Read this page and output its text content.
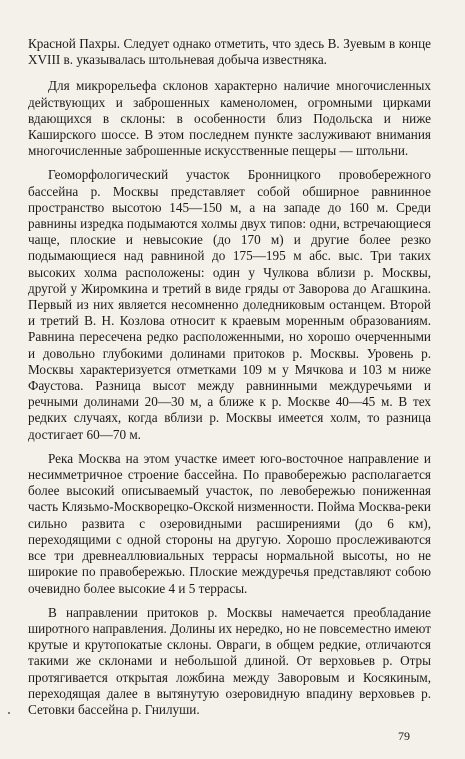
Красной Пахры. Следует однако отметить, что здесь В. Зуевым в конце XVIII в. указывалась штольневая добыча известняка.

Для микрорельефа склонов характерно наличие многочисленных действующих и заброшенных каменоломен, огромными цирками вдающихся в склоны: в особенности близ Подольска и ниже Каширского шоссе. В этом последнем пункте заслуживают внимания многочисленные заброшенные искусственные пещеры — штольни.

Геоморфологический участок Бронницкого провобережного бассейна р. Москвы представляет собой обширное равнинное пространство высотою 145—150 м, а на западе до 160 м. Среди равнины изредка подымаются холмы двух типов: одни, встречающиеся чаще, плоские и невысокие (до 170 м) и другие более резко подымающиеся над равниной до 175—195 м абс. выс. Три таких высоких холма расположены: один у Чулкова вблизи р. Москвы, другой у Жиромкина и третий в виде гряды от Заворова до Агашкина. Первый из них является несомненно доледниковым останцем. Второй и третий В. Н. Козлова относит к краевым моренным образованиям. Равнина пересечена редко расположенными, но хорошо очерченными и довольно глубокими долинами притоков р. Москвы. Уровень р. Москвы характеризуется отметками 109 м у Мячкова и 103 м ниже Фаустова. Разница высот между равнинными междуречьями и речными долинами 20—30 м, а ближе к р. Москве 40—45 м. В тех редких случаях, когда вблизи р. Москвы имеется холм, то разница достигает 60—70 м.

Река Москва на этом участке имеет юго-восточное направление и несимметричное строение бассейна. По правобережью располагается более высокий описываемый участок, по левобережью пониженная часть Клязьмо-Москворецко-Окской низменности. Пойма Москва-реки сильно развита с озеровидными расширениями (до 6 км), переходящими с одной стороны на другую. Хорошо прослеживаются все три древнеаллювиальных террасы нормальной высоты, но не широкие по правобережью. Плоские междуречья представляют собою очевидно более высокие 4 и 5 террасы.

В направлении притоков р. Москвы намечается преобладание широтного направления. Долины их нередко, но не повсеместно имеют крутые и крутопокатые склоны. Овраги, в общем редкие, отличаются такими же склонами и небольшой длиной. От верховьев р. Отры протягивается открытая ложбина между Заворовым и Косякиным, переходящая далее в вытянутую озеровидную впадину верховьев р. Сетовки бассейна р. Гнилуши.

79
